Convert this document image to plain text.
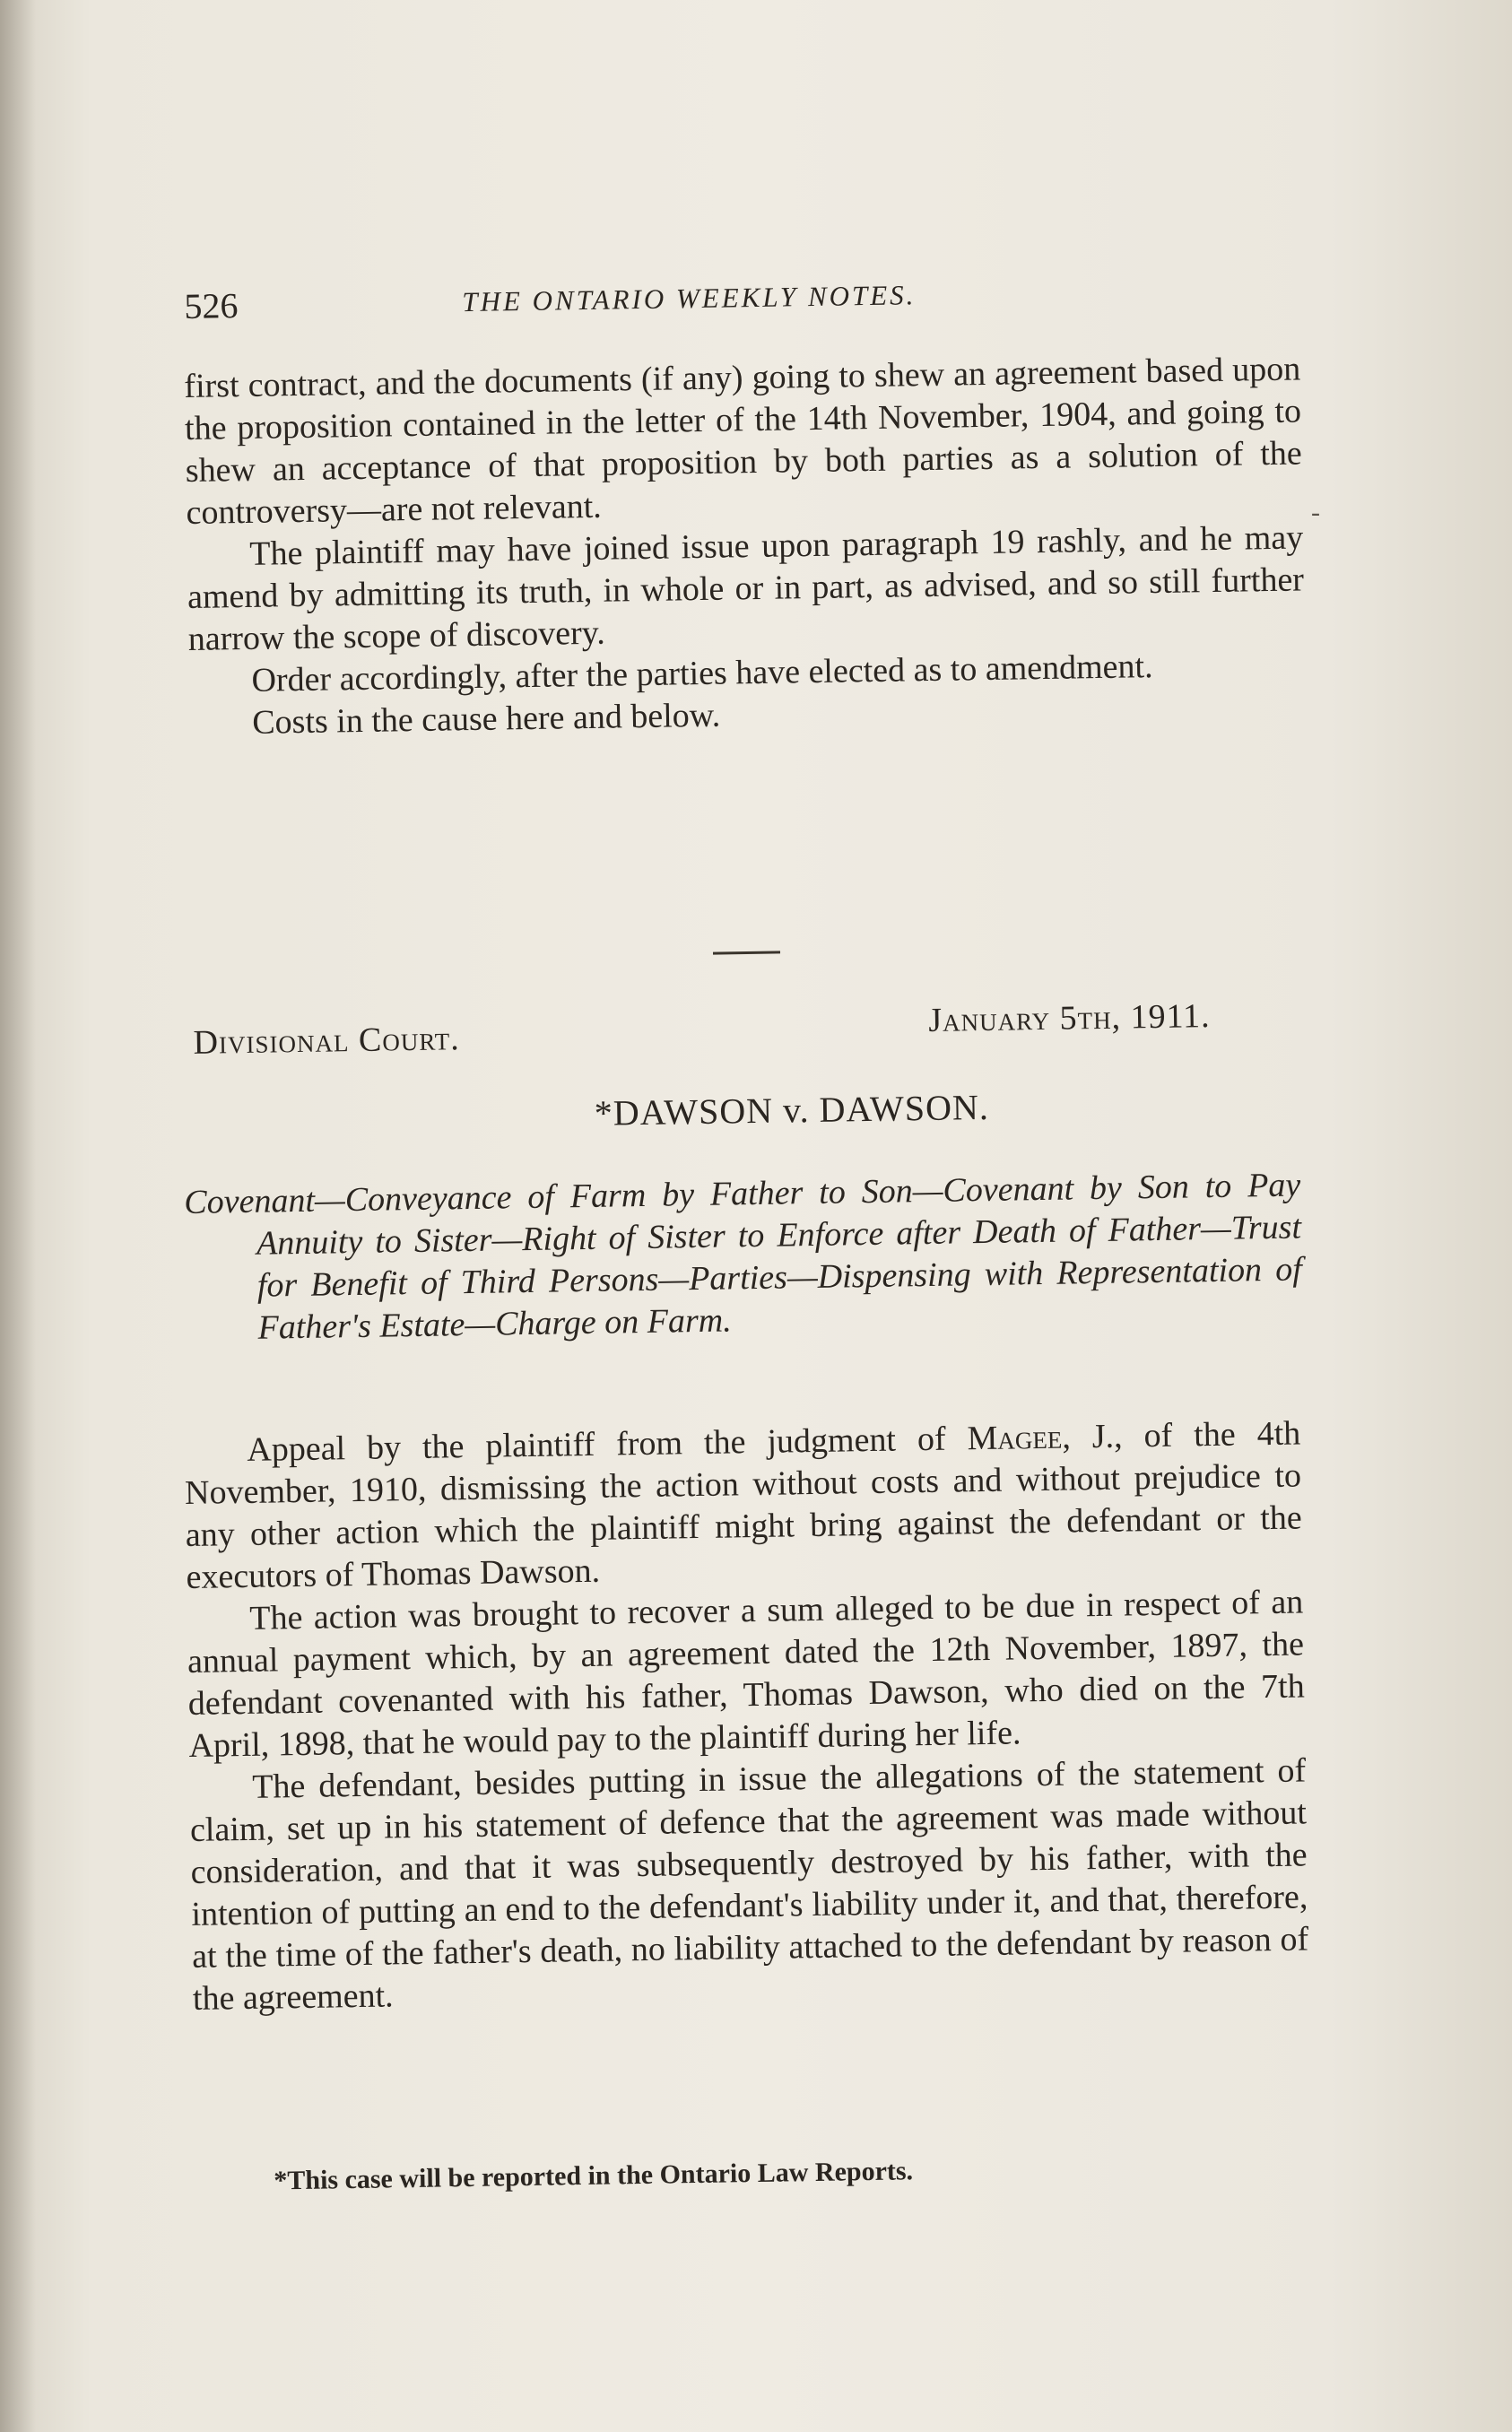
526	THE ONTARIO WEEKLY NOTES.

first contract, and the documents (if any) going to shew an agreement based upon the proposition contained in the letter of the 14th November, 1904, and going to shew an acceptance of that proposition by both parties as a solution of the controversy—are not relevant.

The plaintiff may have joined issue upon paragraph 19 rashly, and he may amend by admitting its truth, in whole or in part, as advised, and so still further narrow the scope of discovery.

Order accordingly, after the parties have elected as to amendment.

Costs in the cause here and below.

Divisional Court.
January 5th, 1911.
*DAWSON v. DAWSON.

Covenant—Conveyance of Farm by Father to Son—Covenant by Son to Pay Annuity to Sister—Right of Sister to Enforce after Death of Father—Trust for Benefit of Third Persons—Parties—Dispensing with Representation of Father's Estate—Charge on Farm.

Appeal by the plaintiff from the judgment of Magee, J., of the 4th November, 1910, dismissing the action without costs and without prejudice to any other action which the plaintiff might bring against the defendant or the executors of Thomas Dawson.

The action was brought to recover a sum alleged to be due in respect of an annual payment which, by an agreement dated the 12th November, 1897, the defendant covenanted with his father, Thomas Dawson, who died on the 7th April, 1898, that he would pay to the plaintiff during her life.

The defendant, besides putting in issue the allegations of the statement of claim, set up in his statement of defence that the agreement was made without consideration, and that it was subsequently destroyed by his father, with the intention of putting an end to the defendant's liability under it, and that, therefore, at the time of the father's death, no liability attached to the defendant by reason of the agreement.

*This case will be reported in the Ontario Law Reports.

-
